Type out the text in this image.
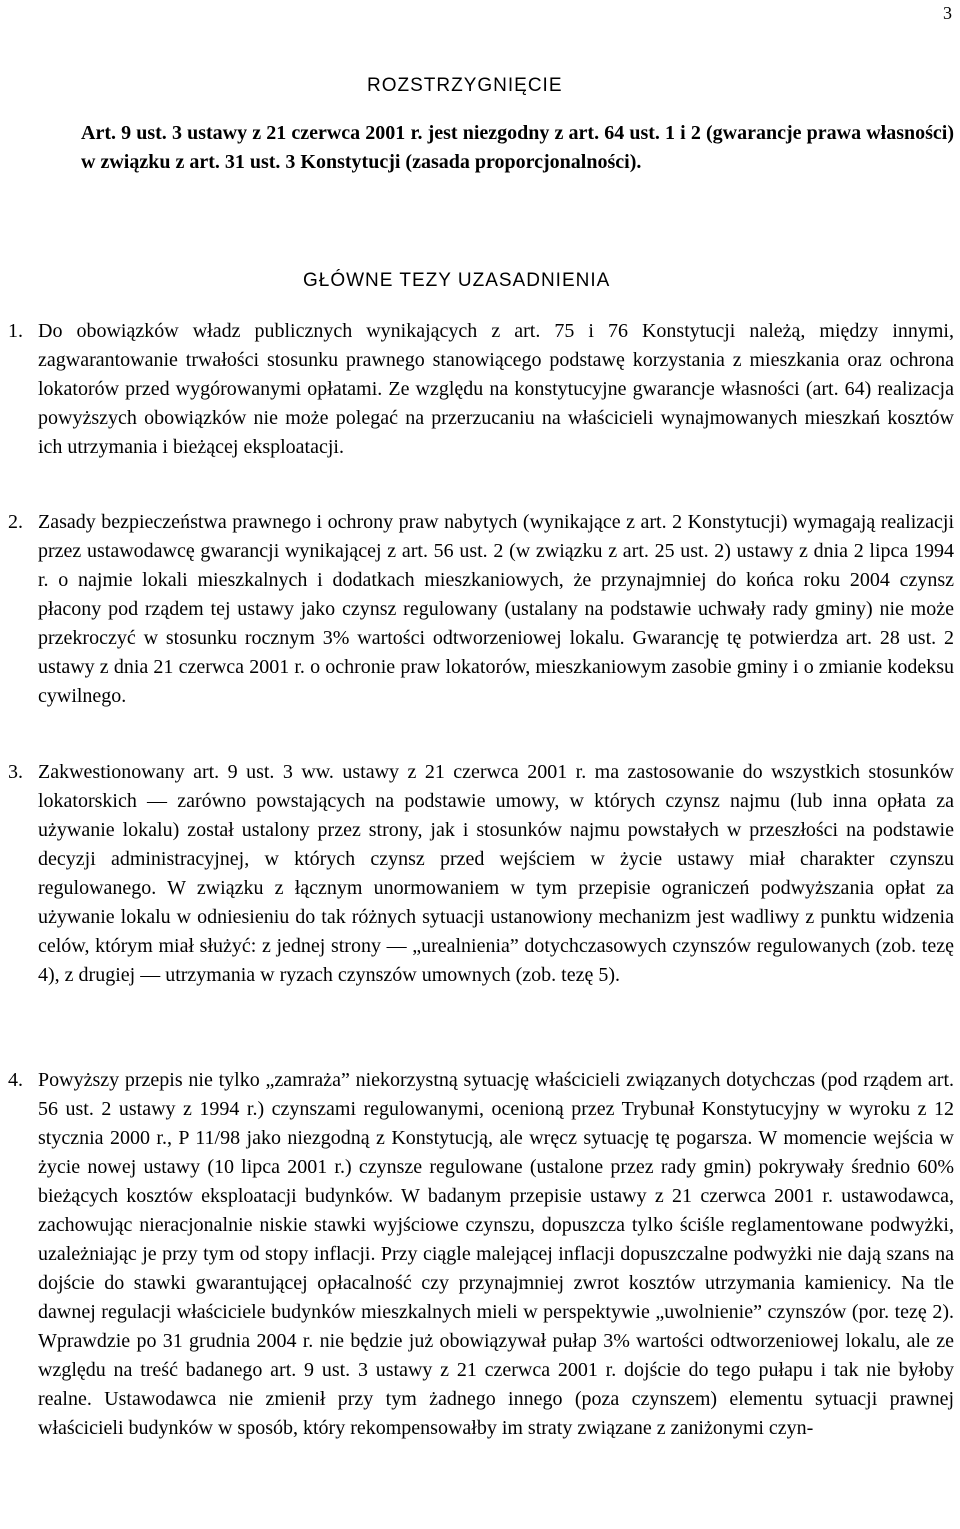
3
ROZSTRZYGNIĘCIE
Art. 9 ust. 3 ustawy z 21 czerwca 2001 r. jest niezgodny z art. 64 ust. 1 i 2 (gwarancje prawa własności) w związku z art. 31 ust. 3 Konstytucji (zasada proporcjonalności).
GŁÓWNE TEZY UZASADNIENIA
1. Do obowiązków władz publicznych wynikających z art. 75 i 76 Konstytucji należą, między innymi, zagwarantowanie trwałości stosunku prawnego stanowiącego podstawę korzystania z mieszkania oraz ochrona lokatorów przed wygórowanymi opłatami. Ze względu na konstytucyjne gwarancje własności (art. 64) realizacja powyższych obowiązków nie może polegać na przerzucaniu na właścicieli wynajmowanych mieszkań kosztów ich utrzymania i bieżącej eksploatacji.
2. Zasady bezpieczeństwa prawnego i ochrony praw nabytych (wynikające z art. 2 Konstytucji) wymagają realizacji przez ustawodawcę gwarancji wynikającej z art. 56 ust. 2 (w związku z art. 25 ust. 2) ustawy z dnia 2 lipca 1994 r. o najmie lokali mieszkalnych i dodatkach mieszkaniowych, że przynajmniej do końca roku 2004 czynsz płacony pod rządem tej ustawy jako czynsz regulowany (ustalany na podstawie uchwały rady gminy) nie może przekroczyć w stosunku rocznym 3% wartości odtworzeniowej lokalu. Gwarancję tę potwierdza art. 28 ust. 2 ustawy z dnia 21 czerwca 2001 r. o ochronie praw lokatorów, mieszkaniowym zasobie gminy i o zmianie kodeksu cywilnego.
3. Zakwestionowany art. 9 ust. 3 ww. ustawy z 21 czerwca 2001 r. ma zastosowanie do wszystkich stosunków lokatorskich — zarówno powstających na podstawie umowy, w których czynsz najmu (lub inna opłata za używanie lokalu) został ustalony przez strony, jak i stosunków najmu powstałych w przeszłości na podstawie decyzji administracyjnej, w których czynsz przed wejściem w życie ustawy miał charakter czynszu regulowanego. W związku z łącznym unormowaniem w tym przepisie ograniczeń podwyższania opłat za używanie lokalu w odniesieniu do tak różnych sytuacji ustanowiony mechanizm jest wadliwy z punktu widzenia celów, którym miał służyć: z jednej strony — „urealnienia” dotychczasowych czynszów regulowanych (zob. tezę 4), z drugiej — utrzymania w ryzach czynszów umownych (zob. tezę 5).
4. Powyższy przepis nie tylko „zamraża” niekorzystną sytuację właścicieli związanych dotychczas (pod rządem art. 56 ust. 2 ustawy z 1994 r.) czynszami regulowanymi, ocenioną przez Trybunał Konstytucyjny w wyroku z 12 stycznia 2000 r., P 11/98 jako niezgodną z Konstytucją, ale wręcz sytuację tę pogarsza. W momencie wejścia w życie nowej ustawy (10 lipca 2001 r.) czynsze regulowane (ustalone przez rady gmin) pokrywały średnio 60% bieżących kosztów eksploatacji budynków. W badanym przepisie ustawy z 21 czerwca 2001 r. ustawodawca, zachowując nieracjonalnie niskie stawki wyjściowe czynszu, dopuszcza tylko ściśle reglamentowane podwyżki, uzależniając je przy tym od stopy inflacji. Przy ciągle malejącej inflacji dopuszczalne podwyżki nie dają szans na dojście do stawki gwarantującej opłacalność czy przynajmniej zwrot kosztów utrzymania kamienicy. Na tle dawnej regulacji właściciele budynków mieszkalnych mieli w perspektywie „uwolnienie” czynszów (por. tezę 2). Wprawdzie po 31 grudnia 2004 r. nie będzie już obowiązywał pułap 3% wartości odtworzeniowej lokalu, ale ze względu na treść badanego art. 9 ust. 3 ustawy z 21 czerwca 2001 r. dojście do tego pułapu i tak nie byłoby realne. Ustawodawca nie zmienił przy tym żadnego innego (poza czynszem) elementu sytuacji prawnej właścicieli budynków w sposób, który rekompensowałby im straty związane z zaniżonymi czyn-
